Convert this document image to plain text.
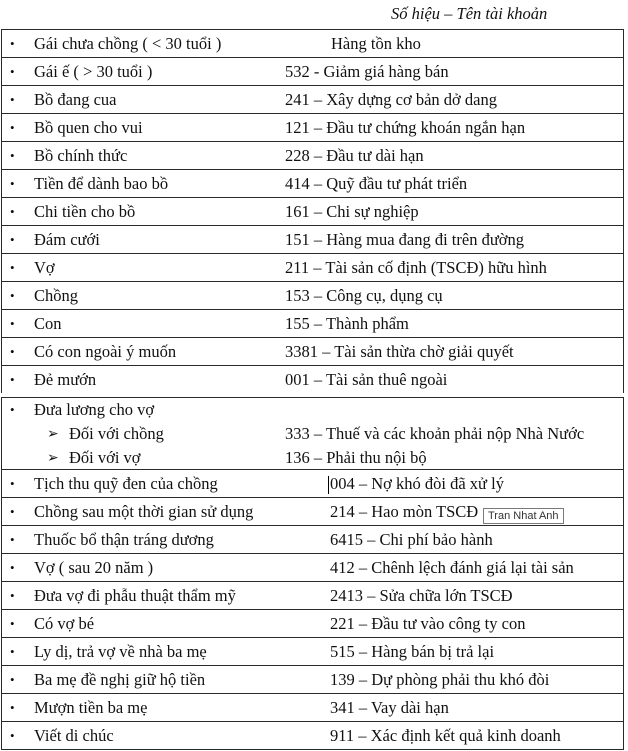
Số hiệu – Tên tài khoản
•	Gái chưa chồng ( < 30 tuổi )	Hàng tồn kho
•	Gái ế ( > 30 tuổi )	532 - Giảm giá hàng bán
•	Bồ đang cua	241 – Xây dựng cơ bản dở dang
•	Bồ quen cho vui	121 – Đầu tư chứng khoán ngắn hạn
•	Bồ chính thức	228 – Đầu tư dài hạn
•	Tiền để dành bao bồ	414 – Quỹ đầu tư phát triển
•	Chi tiền cho bồ	161 – Chi sự nghiệp
•	Đám cưới	151 – Hàng mua đang đi trên đường
•	Vợ	211 – Tài sản cố định (TSCĐ) hữu hình
•	Chồng	153 – Công cụ, dụng cụ
•	Con	155 – Thành phẩm
•	Có con ngoài ý muốn	3381 – Tài sản thừa chờ giải quyết
•	Đẻ mướn	001 – Tài sản thuê ngoài
•	Đưa lương cho vợ
➢ Đối với chồng	333 – Thuế và các khoản phải nộp Nhà Nước
➢ Đối với vợ	136 – Phải thu nội bộ
•	Tịch thu quỹ đen của chồng	004 – Nợ khó đòi đã xử lý
•	Chồng sau một thời gian sử dụng	214 – Hao mòn TSCĐ
•	Thuốc bổ thận tráng dương	6415 – Chi phí bảo hành
•	Vợ ( sau 20 năm )	412 – Chênh lệch đánh giá lại tài sản
•	Đưa vợ đi phẫu thuật thẩm mỹ	2413 – Sửa chữa lớn TSCĐ
•	Có vợ bé	221 – Đầu tư vào công ty con
•	Ly dị, trả vợ về nhà ba mẹ	515 – Hàng bán bị trả lại
•	Ba mẹ đề nghị giữ hộ tiền	139 – Dự phòng phải thu khó đòi
•	Mượn tiền ba mẹ	341 – Vay dài hạn
•	Viết di chúc	911 – Xác định kết quả kinh doanh
Tran Nhat Anh
